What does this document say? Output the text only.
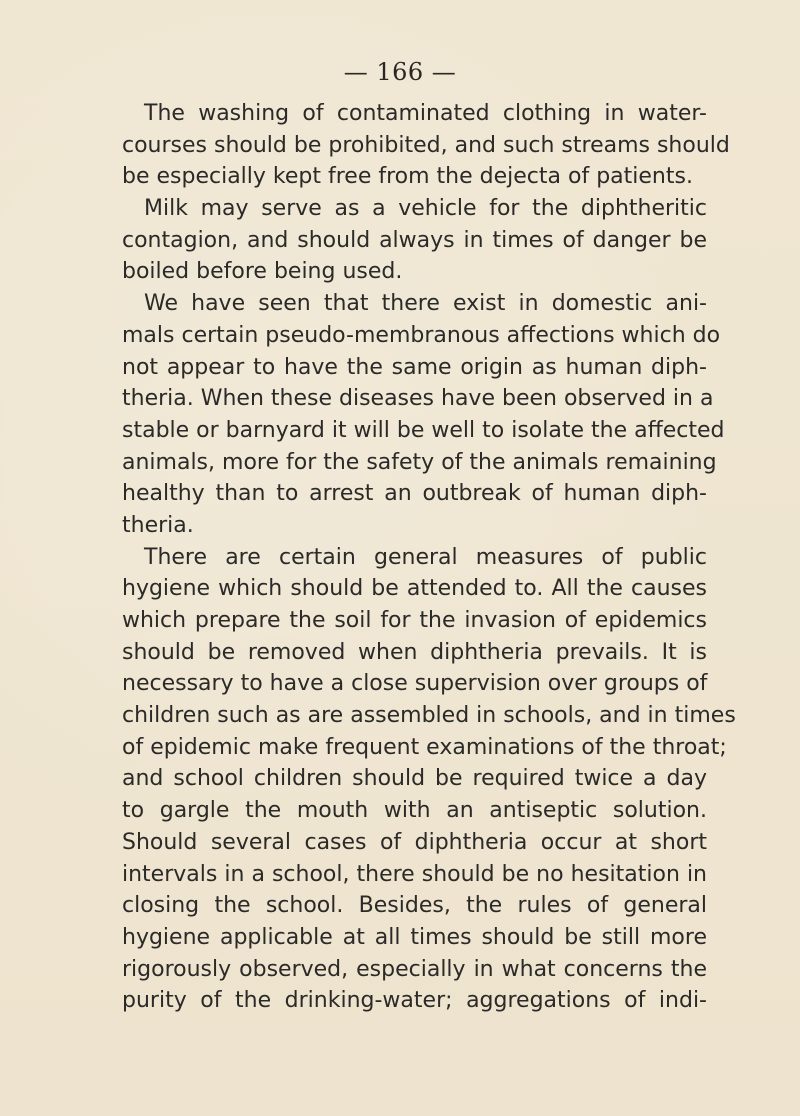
— 166 —
The washing of contaminated clothing in water-
courses should be prohibited, and such streams should
be especially kept free from the dejecta of patients.
Milk may serve as a vehicle for the diphtheritic
contagion, and should always in times of danger be
boiled before being used.
We have seen that there exist in domestic ani-
mals certain pseudo-membranous affections which do
not appear to have the same origin as human diph-
theria. When these diseases have been observed in a
stable or barnyard it will be well to isolate the affected
animals, more for the safety of the animals remaining
healthy than to arrest an outbreak of human diph-
theria.
There are certain general measures of public
hygiene which should be attended to. All the causes
which prepare the soil for the invasion of epidemics
should be removed when diphtheria prevails. It is
necessary to have a close supervision over groups of
children such as are assembled in schools, and in times
of epidemic make frequent examinations of the throat;
and school children should be required twice a day
to gargle the mouth with an antiseptic solution.
Should several cases of diphtheria occur at short
intervals in a school, there should be no hesitation in
closing the school. Besides, the rules of general
hygiene applicable at all times should be still more
rigorously observed, especially in what concerns the
purity of the drinking-water; aggregations of indi-
